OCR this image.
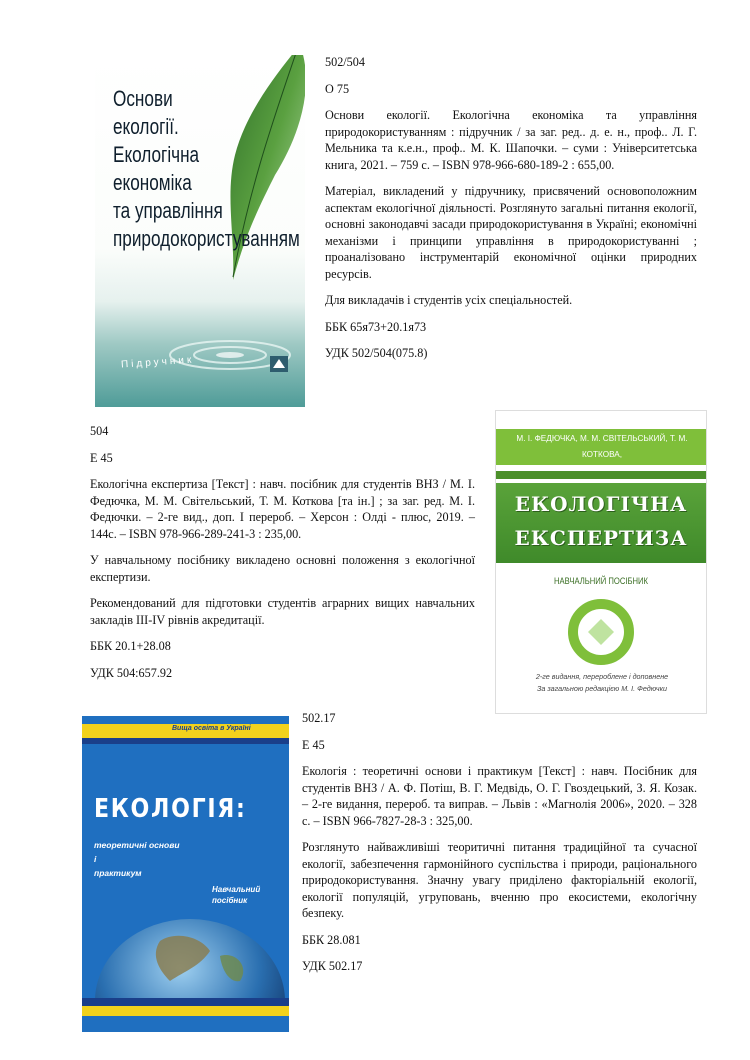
Основи
екології.
Екологічна
економіка
та управління
природокористуванням
Підручник

502/504

О 75

Основи екології. Екологічна економіка та управління природокористуванням : підручник / за заг. ред.. д. е. н., проф.. Л. Г. Мельника та к.е.н., проф.. М. К. Шапочки. – суми : Університетська книга, 2021. – 759 с. – ISBN 978-966-680-189-2 : 655,00.

Матеріал, викладений у підручнику, присвячений основоположним аспектам екологічної діяльності. Розглянуто загальні питання екології, основні законодавчі засади природокористування в Україні; економічні механізми і принципи управління в природокористуванні ; проаналізовано інструментарій економічної оцінки природних ресурсів.

Для викладачів і студентів усіх спеціальностей.

ББК 65я73+20.1я73

УДК 502/504(075.8)

504

Е 45

Екологічна експертиза [Текст] : навч. посібник для студентів ВНЗ / М. І. Федючка, М. М. Світельський, Т. М. Коткова [та ін.] ; за заг. ред. М. І. Федючки. – 2-ге вид., доп. І перероб. – Херсон : Олді - плюс, 2019. – 144с. – ISBN 978-966-289-241-3 : 235,00.

У навчальному посібнику викладено основні положення з екологічної експертизи.

Рекомендований для підготовки студентів аграрних вищих навчальних закладів ІІІ-IV рівнів акредитації.

ББК 20.1+28.08

УДК 504:657.92

М. І. ФЕДЮЧКА, М. М. СВІТЕЛЬСЬКИЙ, Т. М. КОТКОВА,
ЕКОЛОГІЧНА
ЕКСПЕРТИЗА
НАВЧАЛЬНИЙ ПОСІБНИК
2-ге видання, перероблене і доповнене
За загальною редакцією М. І. Федючки
Вища освіта в Україні
ЕКОЛОГІЯ:
теоретичні основи
і
практикум
Навчальний
посібник

502.17

Е 45

Екологія : теоретичні основи і практикум [Текст] : навч. Посібник для студентів ВНЗ / А. Ф. Потіш, В. Г. Медвідь, О. Г. Гвоздецький, З. Я. Козак. – 2-ге видання, перероб. та виправ. – Львів : «Магнолія 2006», 2020. – 328 с. – ISBN 966-7827-28-3 : 325,00.

Розглянуто найважливіші теоритичні питання традиційної та сучасної екології, забезпечення гармонійного суспільства і природи, раціонального природокористування. Значну увагу приділено факторіальній екології, екології популяцій, угруповань, вченню про екосистеми, екологічну безпеку.

ББК 28.081

УДК 502.17
